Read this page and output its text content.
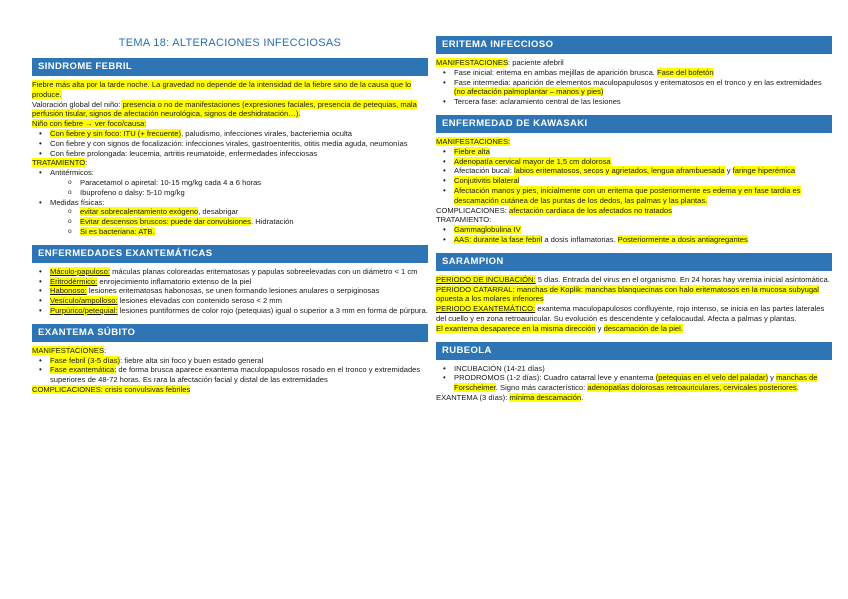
TEMA 18: ALTERACIONES INFECCIOSAS
SINDROME FEBRIL

Fiebre más alta por la tarde noche. La gravedad no depende de la intensidad de la fiebre sino de la causa que lo produce.

Valoración global del niño: presencia o no de manifestaciones (expresiones faciales, presencia de petequias, mala perfusión tisular, signos de afectación neurológica, signos de deshidratación…).

Niño con fiebre → ver foco/causa:

• Con fiebre y sin foco: ITU (+ frecuente), paludismo, infecciones virales, bacteriemia oculta
• Con fiebre y con signos de focalización: infecciones virales, gastroenteritis, otitis media aguda, neumonías
• Con fiebre prolongada: leucemia, artritis reumatoide, enfermedades infecciosas

TRATAMIENTO:

• Antitérmicos:
o Paracetamol o apiretal: 10-15 mg/kg cada 4 a 6 horas
o Ibuprofeno o dalsy: 5-10 mg/kg
• Medidas físicas:
o evitar sobrecalentamiento exógeno, desabrigar
o Evitar descensos bruscos: puede dar convulsiones. Hidratación
o Si es bacteriana: ATB.
ENFERMEDADES EXANTEMÁTICAS
• Máculo-papuloso: máculas planas coloreadas eritematosas y papulas sobreelevadas con un diámetro < 1 cm
• Eritrodérmico: enrojecimiento inflamatorio extenso de la piel
• Habonoso: lesiones eritematosas habonosas, se unen formando lesiones anulares o serpiginosas
• Vesículo/ampolloso: lesiones elevadas con contenido seroso < 2 mm
• Purpúrico/petequial: lesiones puntiformes de color rojo (petequias) igual o superior a 3 mm en forma de púrpura.
EXANTEMA SÚBITO

MANIFESTACIONES:

• Fase febril (3-5 días): fiebre alta sin foco y buen estado general
• Fase exantemática: de forma brusca aparece exantema maculopapulosos rosado en el tronco y extremidades superiores de 48-72 horas. Es rara la afectación facial y distal de las extremidades

COMPLICACIONES: crisis convulsivas febriles

ERITEMA INFECCIOSO

MANIFESTACIONES: paciente afebril

• Fase inicial: eritema en ambas mejillas de aparición brusca. Fase del bofetón
• Fase intermedia: aparición de elementos maculopapulosos y eritematosos en el tronco y en las extremidades (no afectación palmoplantar – manos y pies)
• Tercera fase: aclaramiento central de las lesiones
ENFERMEDAD DE KAWASAKI

MANIFESTACIONES:

• Fiebre alta
• Adenopatía cervical mayor de 1,5 cm dolorosa
• Afectación bucal: labios eritematosos, secos y agrietados, lengua aframbuesada y faringe hiperémica
• Conjutivitis bilateral
• Afectación manos y pies, inicialmente con un eritema que posteriormente es edema y en fase tardía es descamación cutánea de las puntas de los dedos, las palmas y las plantas.

COMPLICACIONES: afectación cardiaca de los afectados no tratados

TRATAMIENTO:

• Gammaglobulina IV
• AAS: durante la fase febril a dosis inflamatorias. Posteriormente a dosis antiagregantes
SARAMPION

PERIODO DE INCUBACIÓN: 5 días. Entrada del virus en el organismo. En 24 horas hay viremia inicial asintomática.

PERIODO CATARRAL: manchas de Koplik: manchas blanquecinas con halo eritematosos en la mucosa subyugal opuesta a los molares inferiores

PERIODO EXANTEMÁTICO: exantema maculopapulosos confluyente, rojo intenso, se inicia en las partes laterales del cuello y en zona retroauricular. Su evolución es descendente y cefalocaudal. Afecta a palmas y plantas.

El exantema desaparece en la misma dirección y descamación de la piel.

RUBEOLA
• INCUBACIÓN (14-21 días)
• PRODROMOS (1-2 días): Cuadro catarral leve y enantema (petequias en el velo del paladar) y manchas de Forscheimer. Signo más característico: adenopatías dolorosas retroauriculares, cervicales posteriores.

EXANTEMA (3 días): mínima descamación.
